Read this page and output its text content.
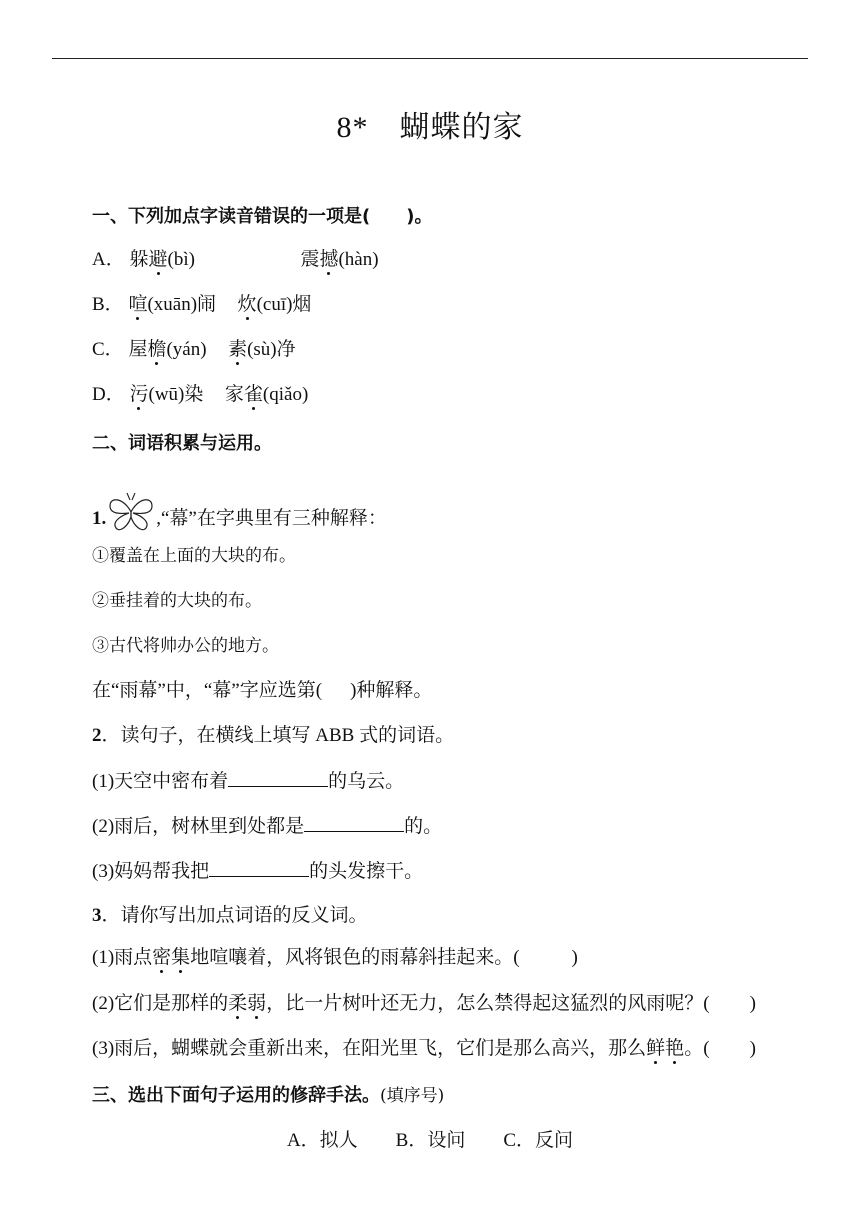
8*　蝴蝶的家
一、下列加点字读音错误的一项是(　　)。
A． 躲避(bì)	震撼(hàn)
B． 喧(xuān)闹 炊(cuī)烟
C． 屋檐(yán) 素(sù)净
D． 污(wū)染 家雀(qiǎo)
二、词语积累与运用。
1.	,“幕”在字典里有三种解释：
①覆盖在上面的大块的布。
②垂挂着的大块的布。
③古代将帅办公的地方。
在“雨幕”中，“幕”字应选第( )种解释。
2．读句子，在横线上填写 ABB 式的词语。
(1)天空中密布着	的乌云。
(2)雨后，树林里到处都是	的。
(3)妈妈帮我把	的头发擦干。
3．请你写出加点词语的反义词。
(1)雨点密集地喧嚷着，风将银色的雨幕斜挂起来。(	)
(2)它们是那样的柔弱，比一片树叶还无力，怎么禁得起这猛烈的风雨呢？( )
(3)雨后，蝴蝶就会重新出来，在阳光里飞，它们是那么高兴，那么鲜艳。( )
三、选出下面句子运用的修辞手法。(填序号)
A．拟人　　B．设问　　C．反问
